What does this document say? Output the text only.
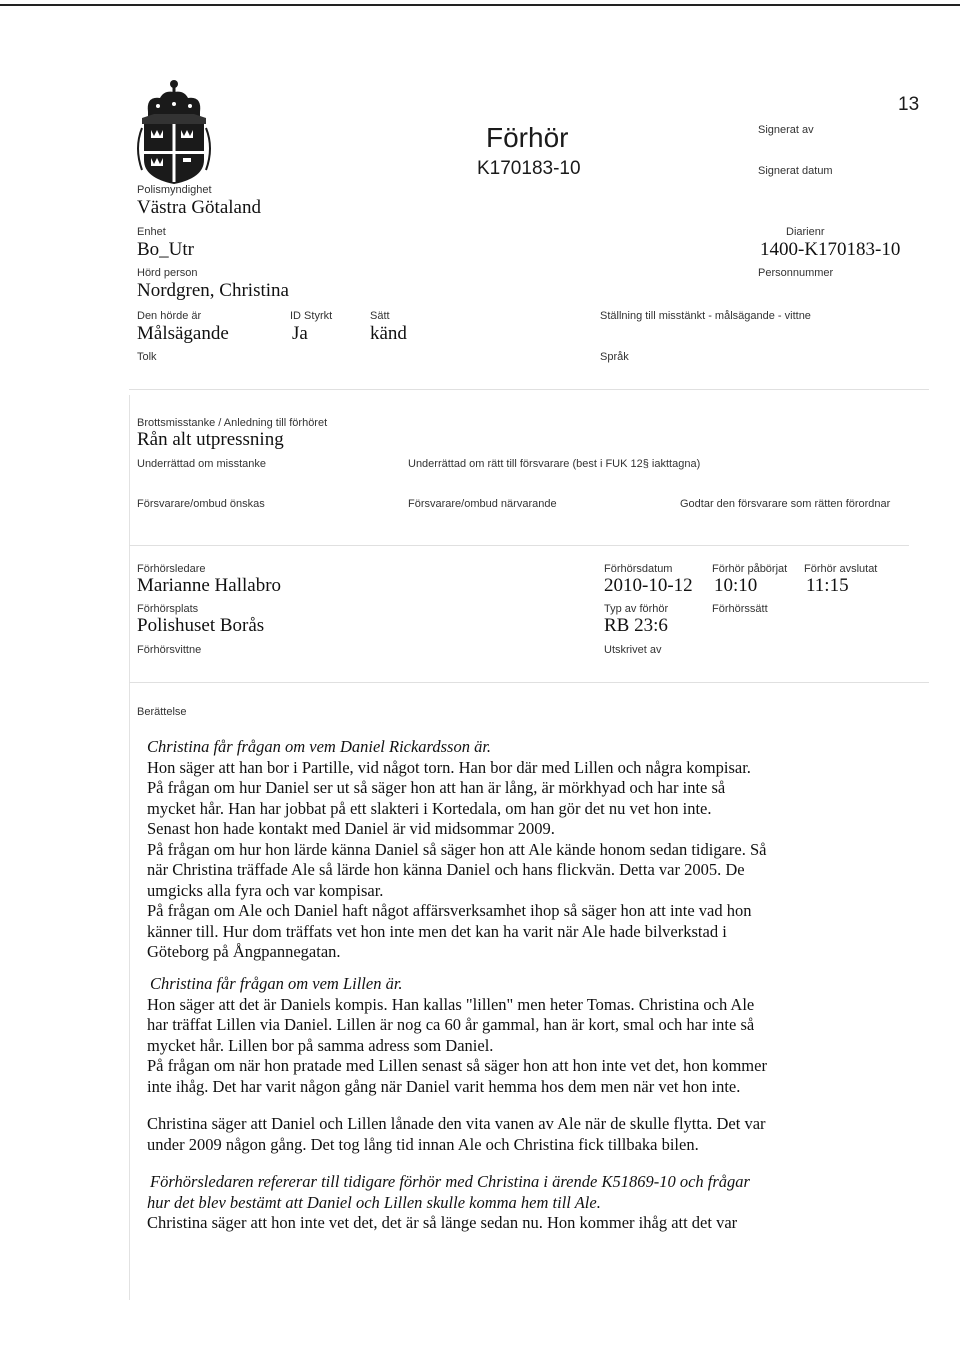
13
Förhör
K170183-10
Signerat av
Signerat datum
Polismyndighet
Västra Götaland
Enhet
Bo_Utr
Diarienr
1400-K170183-10
Hörd person
Nordgren, Christina
Personnummer
Den hörde är
Målsägande
ID Styrkt
Ja
Sätt
känd
Ställning till misstänkt - målsägande - vittne
Tolk	Språk
Brottsmisstanke / Anledning till förhöret
Rån alt utpressning
Underrättad om misstanke	Underrättad om rätt till försvarare (best i FUK 12§ iakttagna)
Försvarare/ombud önskas	Försvarare/ombud närvarande	Godtar den försvarare som rätten förordnar
Förhörsledare
Marianne Hallabro
Förhörsdatum
2010-10-12
Förhör påbörjat
10:10
Förhör avslutat
11:15
Förhörsplats
Polishuset Borås
Typ av förhör
RB 23:6
Förhörssätt
Förhörsvittne	Utskrivet av
Berättelse

Christina får frågan om vem Daniel Rickardsson är.

Hon säger att han bor i Partille, vid något torn. Han bor där med Lillen och några kompisar.

På frågan om hur Daniel ser ut så säger hon att han är lång, är mörkhyad och har inte så

mycket hår. Han har jobbat på ett slakteri i Kortedala, om han gör det nu vet hon inte.

Senast hon hade kontakt med Daniel är vid midsommar 2009.

På frågan om hur hon lärde känna Daniel så säger hon att Ale kände honom sedan tidigare. Så

när Christina träffade Ale så lärde hon känna Daniel och hans flickvän. Detta var 2005. De

umgicks alla fyra och var kompisar.

På frågan om Ale och Daniel haft något affärsverksamhet ihop så säger hon att inte vad hon

känner till. Hur dom träffats vet hon inte men det kan ha varit när Ale hade bilverkstad i

Göteborg på Ångpannegatan.

Christina får frågan om vem Lillen är.

Hon säger att det är Daniels kompis. Han kallas "lillen" men heter Tomas. Christina och Ale

har träffat Lillen via Daniel. Lillen är nog ca 60 år gammal, han är kort, smal och har inte så

mycket hår. Lillen bor på samma adress som Daniel.

På frågan om när hon pratade med Lillen senast så säger hon att hon inte vet det, hon kommer

inte ihåg. Det har varit någon gång när Daniel varit hemma hos dem men när vet hon inte.

Christina säger att Daniel och Lillen lånade den vita vanen av Ale när de skulle flytta. Det var

under 2009 någon gång. Det tog lång tid innan Ale och Christina fick tillbaka bilen.

Förhörsledaren refererar till tidigare förhör med Christina i ärende K51869-10 och frågar

hur det blev bestämt att Daniel och Lillen skulle komma hem till Ale.

Christina säger att hon inte vet det, det är så länge sedan nu. Hon kommer ihåg att det var
